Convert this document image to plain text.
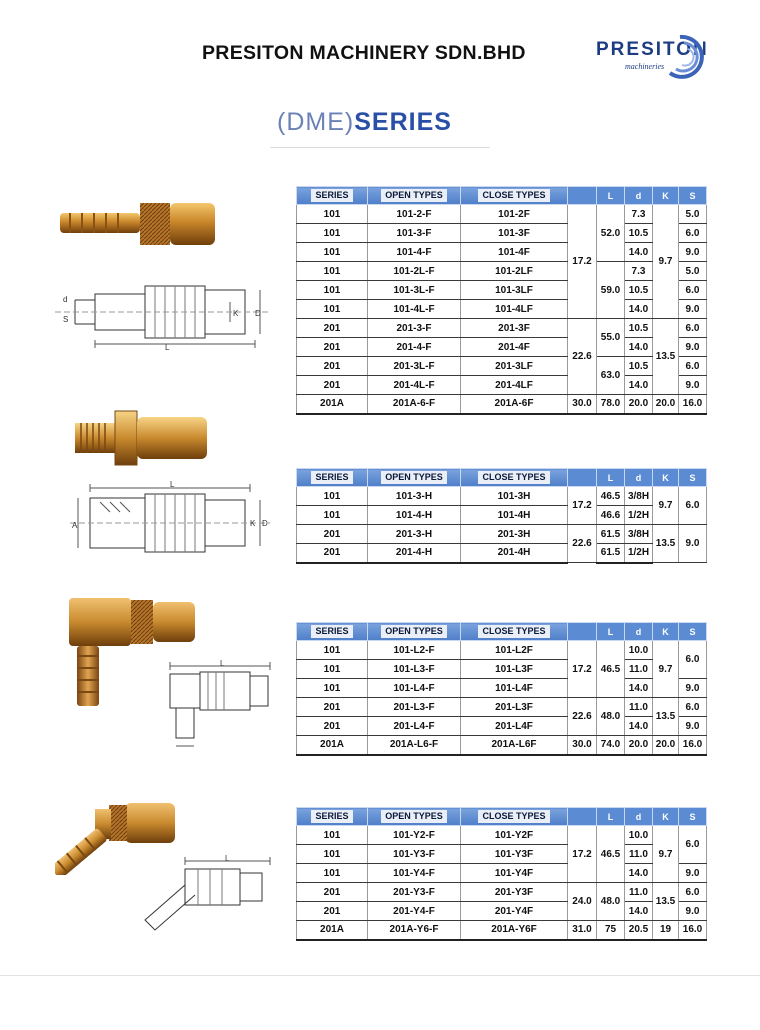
PRESITON MACHINERY SDN.BHD	PRESITON
machineries
(DME)SERIES
d
S
L
K D
SERIES	OPEN TYPES	CLOSE TYPES		L	d	K	S
101	101-2-F	101-2F	17.2	52.0	7.3	9.7	5.0
101	101-3-F	101-3F			10.5		6.0
101	101-4-F	101-4F			14.0		9.0
101	101-2L-F	101-2LF		59.0	7.3		5.0
101	101-3L-F	101-3LF			10.5		6.0
101	101-4L-F	101-4LF			14.0		9.0
201	201-3-F	201-3F	22.6	55.0	10.5	13.5	6.0
201	201-4-F	201-4F			14.0		9.0
201	201-3L-F	201-3LF		63.0	10.5		6.0
201	201-4L-F	201-4LF			14.0		9.0
201A	201A-6-F	201A-6F	30.0	78.0	20.0	20.0	16.0
L
A	K D
SERIES	OPEN TYPES	CLOSE TYPES		L	d	K	S
101	101-3-H	101-3H	17.2	46.5	3/8H	9.7	6.0
101	101-4-H	101-4H		46.6	1/2H		
201	201-3-H	201-3H	22.6	61.5	3/8H	13.5	9.0
201	201-4-H	201-4H		61.5	1/2H		
L
SERIES	OPEN TYPES	CLOSE TYPES		L	d	K	S
101	101-L2-F	101-L2F	17.2	46.5	10.0	9.7	6.0
101	101-L3-F	101-L3F			11.0		
101	101-L4-F	101-L4F			14.0		9.0
201	201-L3-F	201-L3F	22.6	48.0	11.0	13.5	6.0
201	201-L4-F	201-L4F			14.0		9.0
201A	201A-L6-F	201A-L6F	30.0	74.0	20.0	20.0	16.0
L
SERIES	OPEN TYPES	CLOSE TYPES		L	d	K	S
101	101-Y2-F	101-Y2F	17.2	46.5	10.0	9.7	6.0
101	101-Y3-F	101-Y3F			11.0		
101	101-Y4-F	101-Y4F			14.0		9.0
201	201-Y3-F	201-Y3F	24.0	48.0	11.0	13.5	6.0
201	201-Y4-F	201-Y4F			14.0		9.0
201A	201A-Y6-F	201A-Y6F	31.0	75	20.5	19	16.0
